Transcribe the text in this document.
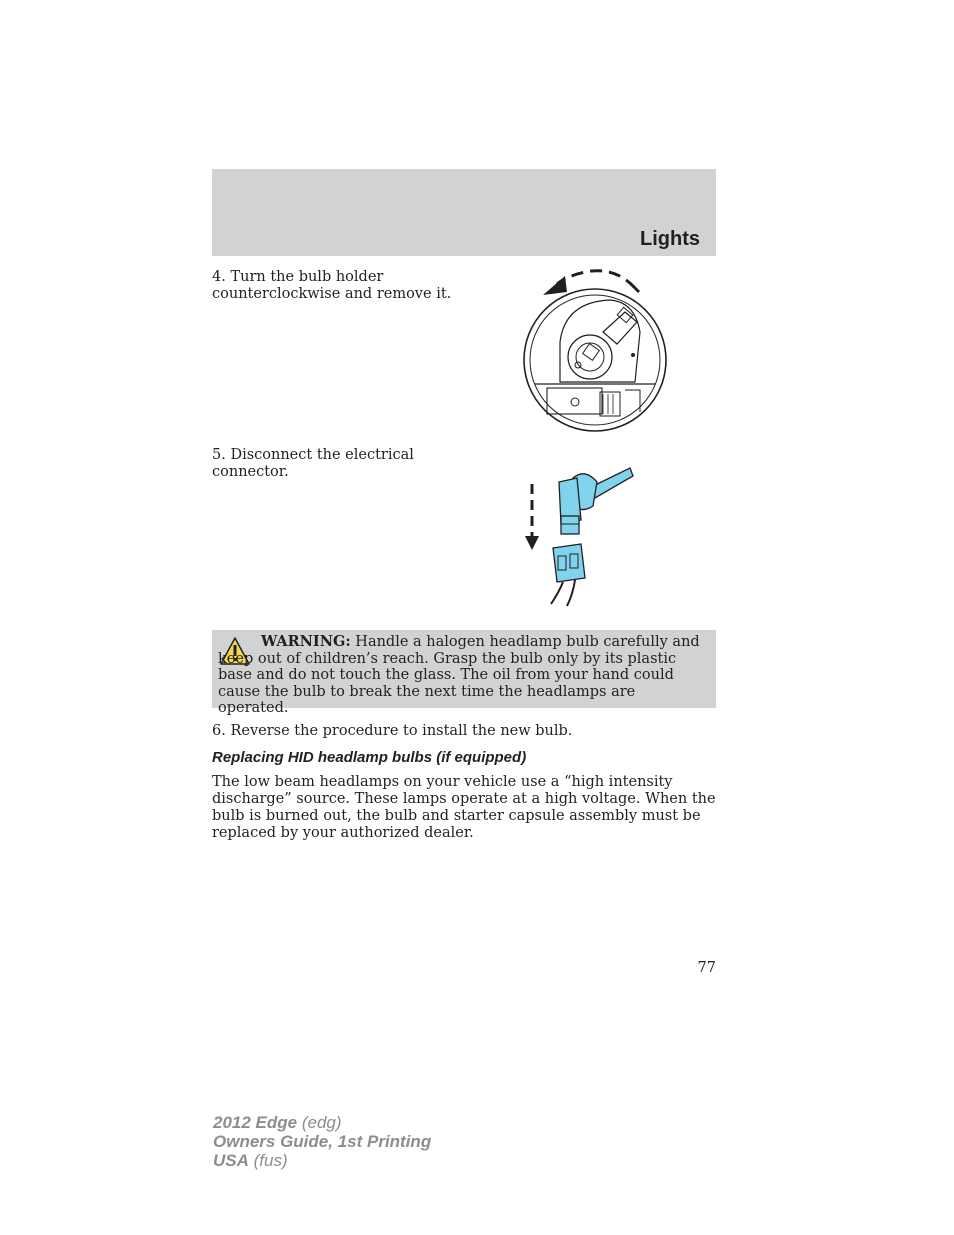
Lights
4. Turn the bulb holder counterclockwise and remove it.
5. Disconnect the electrical connector.
WARNING: Handle a halogen headlamp bulb carefully and keep out of children’s reach. Grasp the bulb only by its plastic base and do not touch the glass. The oil from your hand could cause the bulb to break the next time the headlamps are operated.
6. Reverse the procedure to install the new bulb.
Replacing HID headlamp bulbs (if equipped)
The low beam headlamps on your vehicle use a “high intensity discharge” source. These lamps operate at a high voltage. When the bulb is burned out, the bulb and starter capsule assembly must be replaced by your authorized dealer.
77
2012 Edge (edg)
Owners Guide, 1st Printing
USA (fus)
